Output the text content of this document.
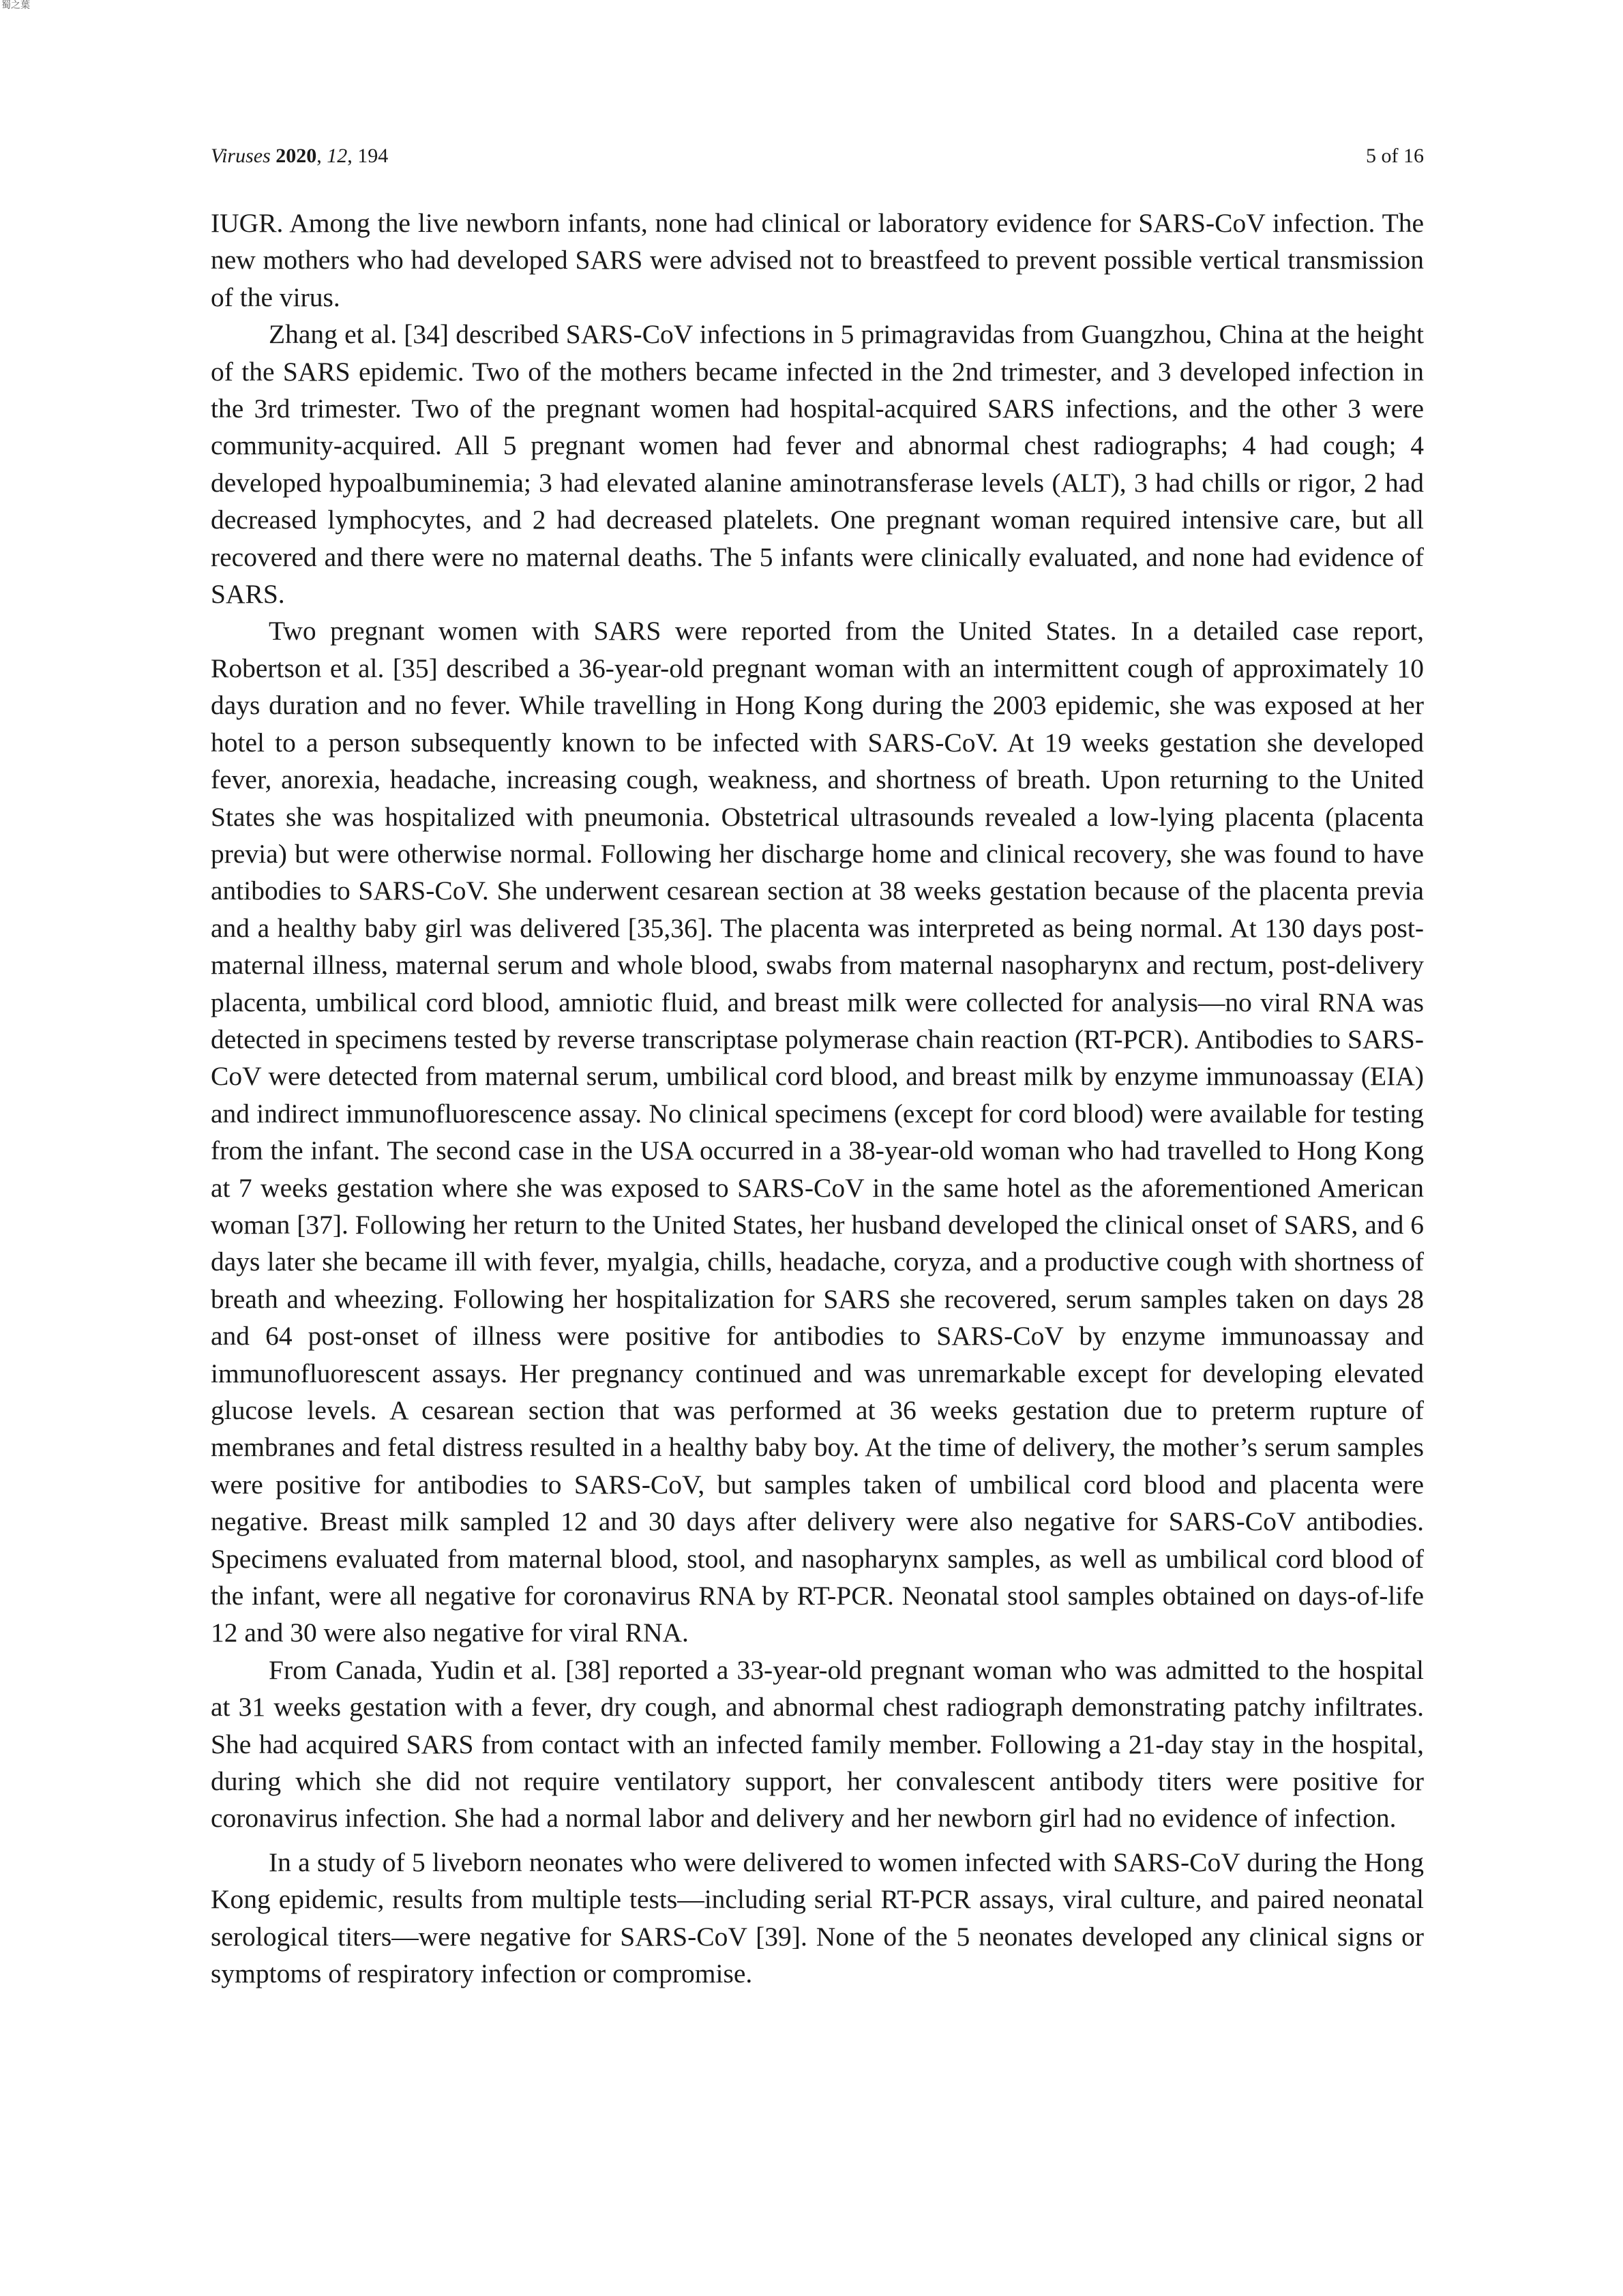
蜀之葉
Viruses 2020, 12, 194	5 of 16

IUGR. Among the live newborn infants, none had clinical or laboratory evidence for SARS-CoV infection. The new mothers who had developed SARS were advised not to breastfeed to prevent possible vertical transmission of the virus.

Zhang et al. [34] described SARS-CoV infections in 5 primagravidas from Guangzhou, China at the height of the SARS epidemic. Two of the mothers became infected in the 2nd trimester, and 3 developed infection in the 3rd trimester. Two of the pregnant women had hospital-acquired SARS infections, and the other 3 were community-acquired. All 5 pregnant women had fever and abnormal chest radiographs; 4 had cough; 4 developed hypoalbuminemia; 3 had elevated alanine aminotransferase levels (ALT), 3 had chills or rigor, 2 had decreased lymphocytes, and 2 had decreased platelets. One pregnant woman required intensive care, but all recovered and there were no maternal deaths. The 5 infants were clinically evaluated, and none had evidence of SARS.

Two pregnant women with SARS were reported from the United States. In a detailed case report, Robertson et al. [35] described a 36-year-old pregnant woman with an intermittent cough of approximately 10 days duration and no fever. While travelling in Hong Kong during the 2003 epidemic, she was exposed at her hotel to a person subsequently known to be infected with SARS-CoV. At 19 weeks gestation she developed fever, anorexia, headache, increasing cough, weakness, and shortness of breath. Upon returning to the United States she was hospitalized with pneumonia. Obstetrical ultrasounds revealed a low-lying placenta (placenta previa) but were otherwise normal. Following her discharge home and clinical recovery, she was found to have antibodies to SARS-CoV. She underwent cesarean section at 38 weeks gestation because of the placenta previa and a healthy baby girl was delivered [35,36]. The placenta was interpreted as being normal. At 130 days post-maternal illness, maternal serum and whole blood, swabs from maternal nasopharynx and rectum, post-delivery placenta, umbilical cord blood, amniotic fluid, and breast milk were collected for analysis—no viral RNA was detected in specimens tested by reverse transcriptase polymerase chain reaction (RT-PCR). Antibodies to SARS-CoV were detected from maternal serum, umbilical cord blood, and breast milk by enzyme immunoassay (EIA) and indirect immunofluorescence assay. No clinical specimens (except for cord blood) were available for testing from the infant. The second case in the USA occurred in a 38-year-old woman who had travelled to Hong Kong at 7 weeks gestation where she was exposed to SARS-CoV in the same hotel as the aforementioned American woman [37]. Following her return to the United States, her husband developed the clinical onset of SARS, and 6 days later she became ill with fever, myalgia, chills, headache, coryza, and a productive cough with shortness of breath and wheezing. Following her hospitalization for SARS she recovered, serum samples taken on days 28 and 64 post-onset of illness were positive for antibodies to SARS-CoV by enzyme immunoassay and immunofluorescent assays. Her pregnancy continued and was unremarkable except for developing elevated glucose levels. A cesarean section that was performed at 36 weeks gestation due to preterm rupture of membranes and fetal distress resulted in a healthy baby boy. At the time of delivery, the mother’s serum samples were positive for antibodies to SARS-CoV, but samples taken of umbilical cord blood and placenta were negative. Breast milk sampled 12 and 30 days after delivery were also negative for SARS-CoV antibodies. Specimens evaluated from maternal blood, stool, and nasopharynx samples, as well as umbilical cord blood of the infant, were all negative for coronavirus RNA by RT-PCR. Neonatal stool samples obtained on days-of-life 12 and 30 were also negative for viral RNA.

From Canada, Yudin et al. [38] reported a 33-year-old pregnant woman who was admitted to the hospital at 31 weeks gestation with a fever, dry cough, and abnormal chest radiograph demonstrating patchy infiltrates. She had acquired SARS from contact with an infected family member. Following a 21-day stay in the hospital, during which she did not require ventilatory support, her convalescent antibody titers were positive for coronavirus infection. She had a normal labor and delivery and her newborn girl had no evidence of infection.

In a study of 5 liveborn neonates who were delivered to women infected with SARS-CoV during the Hong Kong epidemic, results from multiple tests—including serial RT-PCR assays, viral culture, and paired neonatal serological titers—were negative for SARS-CoV [39]. None of the 5 neonates developed any clinical signs or symptoms of respiratory infection or compromise.
